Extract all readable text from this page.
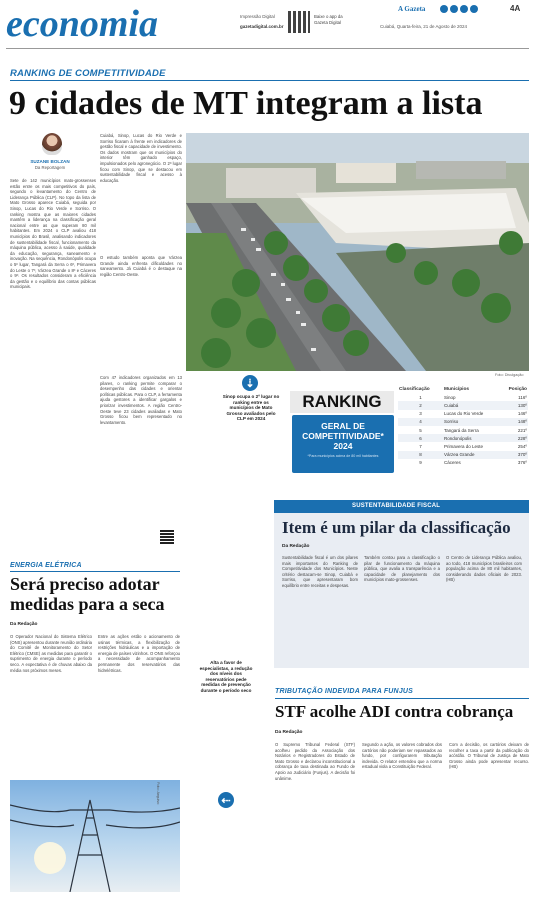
economia	Impressão Digital
gazetadigital.com.br
Baixe o app da Gazeta Digital
A Gazeta	4A
Cuiabá, Quarta-feira, 21 de Agosto de 2024
RANKING DE COMPETITIVIDADE
9 cidades de MT integram a lista
SUZANE BOLZAN
Da Reportagem
Sete de 142 municípios mato-grossenses estão entre os mais competitivos do país, segundo o levantamento do Centro de Liderança Pública (CLP). No topo da lista de Mato Grosso aparece Cuiabá, seguida por Sinop, Lucas do Rio Verde e Sorriso. O ranking mostra que as maiores cidades mantêm a liderança na classificação geral nacional entre as que superam 80 mil habitantes. Em 2024 o CLP avaliou 418 municípios do Brasil, analisando indicadores de sustentabilidade fiscal, funcionamento da máquina pública, acesso à saúde, qualidade da educação, segurança, saneamento e inovação. Na sequência, Rondonópolis ocupa o 5º lugar, Tangará da Serra o 6º, Primavera do Leste o 7º, Várzea Grande o 8º e Cáceres o 9º. Os resultados consideram a eficiência da gestão e o equilíbrio das contas públicas municipais.
Cuiabá, Sinop, Lucas do Rio Verde e Sorriso ficaram à frente em indicadores de gestão fiscal e capacidade de investimento. Os dados mostram que os municípios do interior têm ganhado espaço, impulsionados pelo agronegócio. O 2º lugar ficou com Sinop, que se destacou em sustentabilidade fiscal e acesso à educação.
O estudo também aponta que Várzea Grande ainda enfrenta dificuldades no saneamento. Já Cuiabá é o destaque na região Centro-Oeste.
Com 47 indicadores organizados em 13 pilares, o ranking permite comparar o desempenho das cidades e orientar políticas públicas. Para o CLP, a ferramenta ajuda gestores a identificar gargalos e priorizar investimentos. A região Centro-Oeste teve 23 cidades avaliadas e Mato Grosso ficou bem representado no levantamento.
Foto: Divulgação
⇣
Sinop ocupa o 2º lugar no ranking entre os municípios de Mato Grosso avaliados pelo CLP em 2024
RANKING
GERAL DE COMPETITIVIDADE* 2024
*Para municípios acima de 80 mil habitantes
Classificação	Municípios	Posição
1	Sinop	116º
2	Cuiabá	130º
3	Lucas do Rio Verde	146º
4	Sorriso	148º
5	Tangará da Serra	221º
6	Rondonópolis	228º
7	Primavera do Leste	254º
8	Várzea Grande	370º
9	Cáceres	376º
SUSTENTABILIDADE FISCAL
Item é um pilar da classificação
Da Redação
Sustentabilidade fiscal é um dos pilares mais importantes do Ranking de Competitividade dos Municípios. Neste critério destacam-se Sinop, Cuiabá e Sorriso, que apresentaram bom equilíbrio entre receitas e despesas.
Também contou para a classificação o pilar de funcionamento da máquina pública, que avalia a transparência e a capacidade de planejamento dos municípios mato-grossenses.
O Centro de Liderança Pública avaliou, ao todo, 418 municípios brasileiros com população acima de 80 mil habitantes, considerando dados oficiais de 2023. (HB)
ENERGIA ELÉTRICA
Será preciso adotar medidas para a seca
Da Redação
O Operador Nacional do Sistema Elétrico (ONS) apresentou durante reunião ordinária do Comitê de Monitoramento do Setor Elétrico (CMSE) as medidas para garantir o suprimento de energia durante o período seco. A expectativa é de chuvas abaixo da média nos próximos meses.
Entre as ações estão o acionamento de usinas térmicas, a flexibilização de restrições hidráulicas e a importação de energia de países vizinhos. O ONS reforçou a necessidade de acompanhamento permanente dos reservatórios das hidrelétricas.
Foto: Arquivo
Alta a favor de especialistas, a redução dos níveis dos reservatórios pede medidas de prevenção durante o período seco
⇠
TRIBUTAÇÃO INDEVIDA PARA FUNJUS
STF acolhe ADI contra cobrança
Da Redação
O Supremo Tribunal Federal (STF) acolheu pedido da Associação dos Notários e Registradores do Estado de Mato Grosso e declarou inconstitucional a cobrança de taxa destinada ao Fundo de Apoio ao Judiciário (Funjus). A decisão foi unânime.
Segundo a ação, os valores cobrados dos cartórios não poderiam ser repassados ao fundo, por configurarem tributação indevida. O relator entendeu que a norma estadual viola a Constituição Federal.
Com a decisão, os cartórios deixam de recolher a taxa a partir da publicação do acórdão. O Tribunal de Justiça de Mato Grosso ainda pode apresentar recurso. (HB)
